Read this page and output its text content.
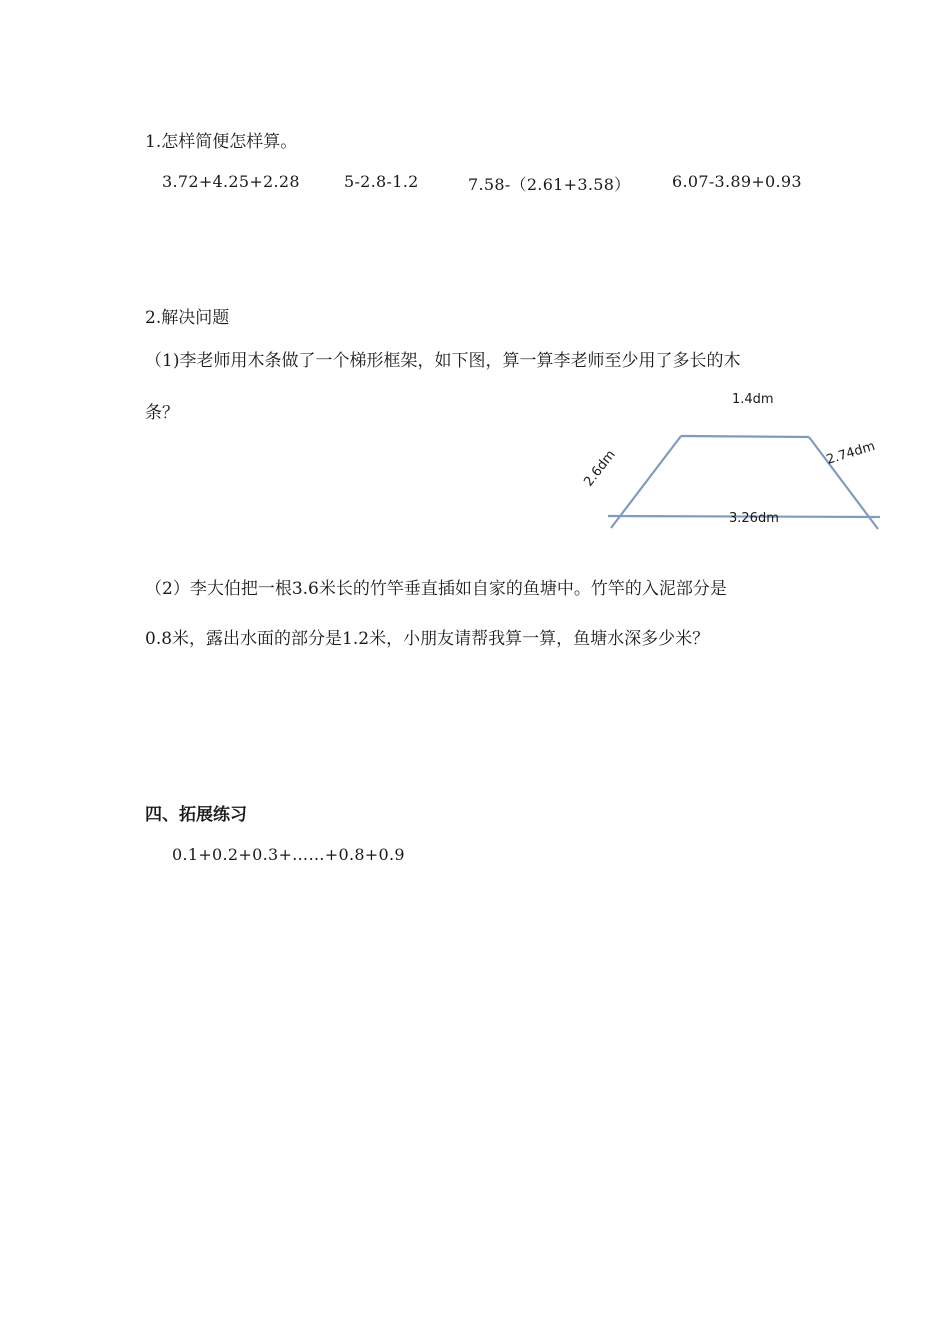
1.怎样简便怎样算。
3.72+4.25+2.28	5-2.8-1.2	7.58-（2.61+3.58）	6.07-3.89+0.93
2.解决问题
（1)李老师用木条做了一个梯形框架，如下图，算一算李老师至少用了多长的木
条？
1.4dm
2.6dm	2.74dm
3.26dm
（2）李大伯把一根3.6米长的竹竿垂直插如自家的鱼塘中。竹竿的入泥部分是
0.8米，露出水面的部分是1.2米，小朋友请帮我算一算，鱼塘水深多少米？
四、拓展练习
0.1+0.2+0.3+……+0.8+0.9
